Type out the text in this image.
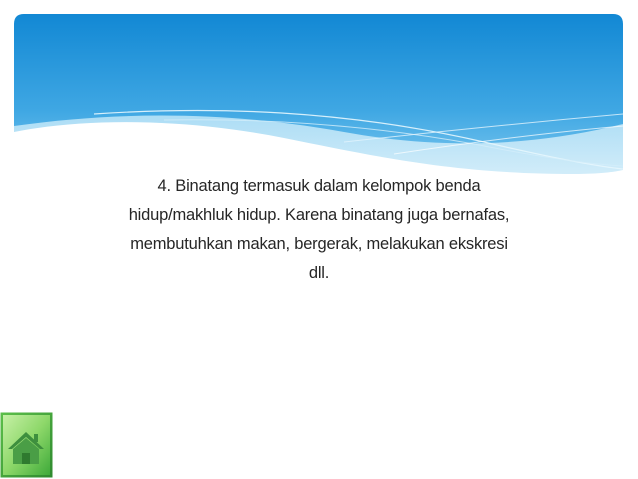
4. Binatang termasuk dalam kelompok benda
hidup/makhluk hidup. Karena binatang juga bernafas,
membutuhkan makan, bergerak, melakukan ekskresi
dll.
